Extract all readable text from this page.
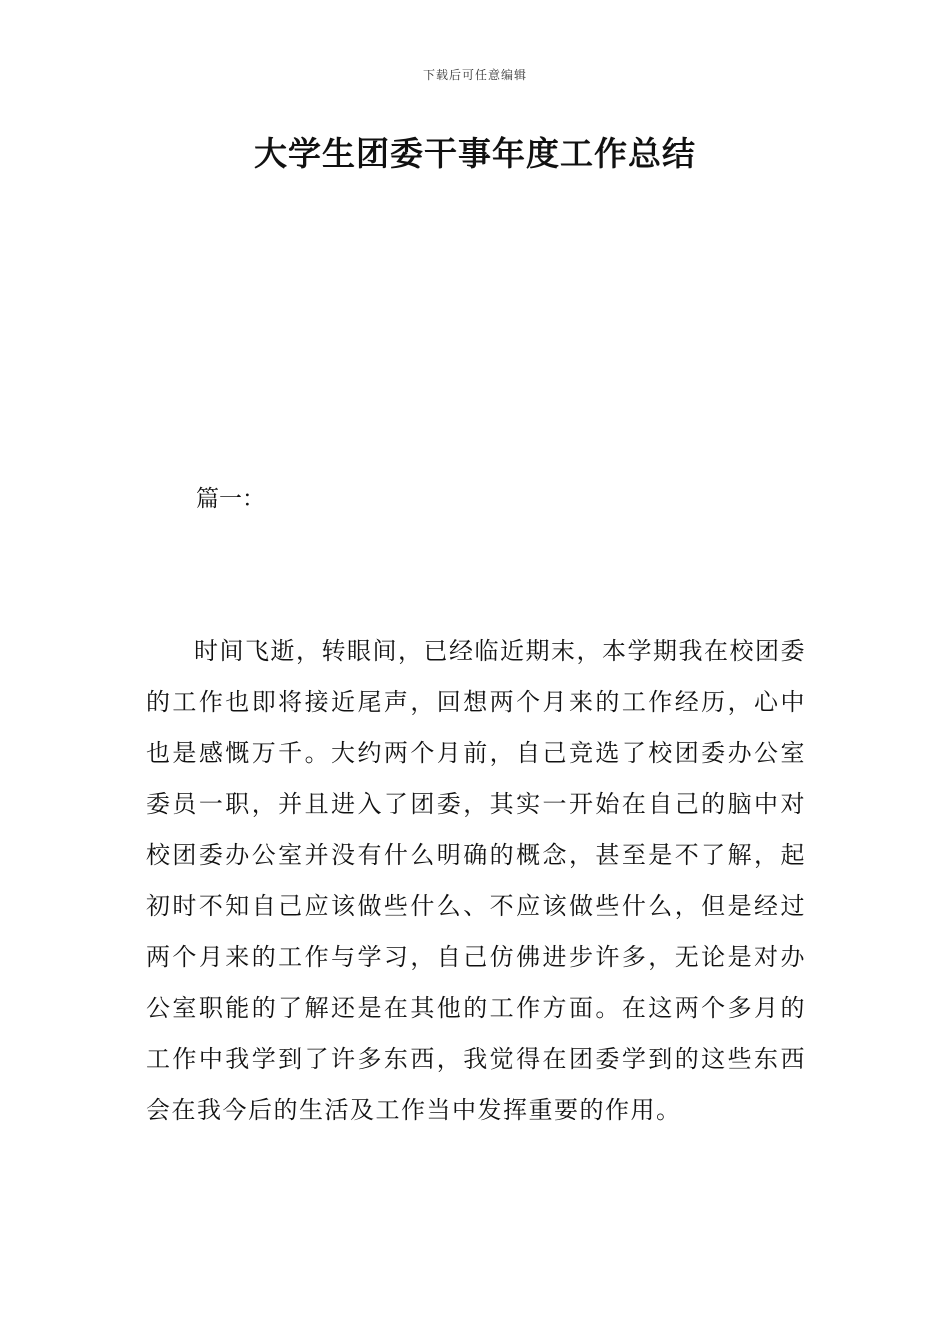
下载后可任意编辑
大学生团委干事年度工作总结
篇一：

时间飞逝，转眼间，已经临近期末，本学期我在校团委的工作也即将接近尾声，回想两个月来的工作经历，心中也是感慨万千。大约两个月前，自己竞选了校团委办公室委员一职，并且进入了团委，其实一开始在自己的脑中对校团委办公室并没有什么明确的概念，甚至是不了解，起初时不知自己应该做些什么、不应该做些什么，但是经过两个月来的工作与学习，自己仿佛进步许多，无论是对办公室职能的了解还是在其他的工作方面。在这两个多月的工作中我学到了许多东西，我觉得在团委学到的这些东西会在我今后的生活及工作当中发挥重要的作用。
